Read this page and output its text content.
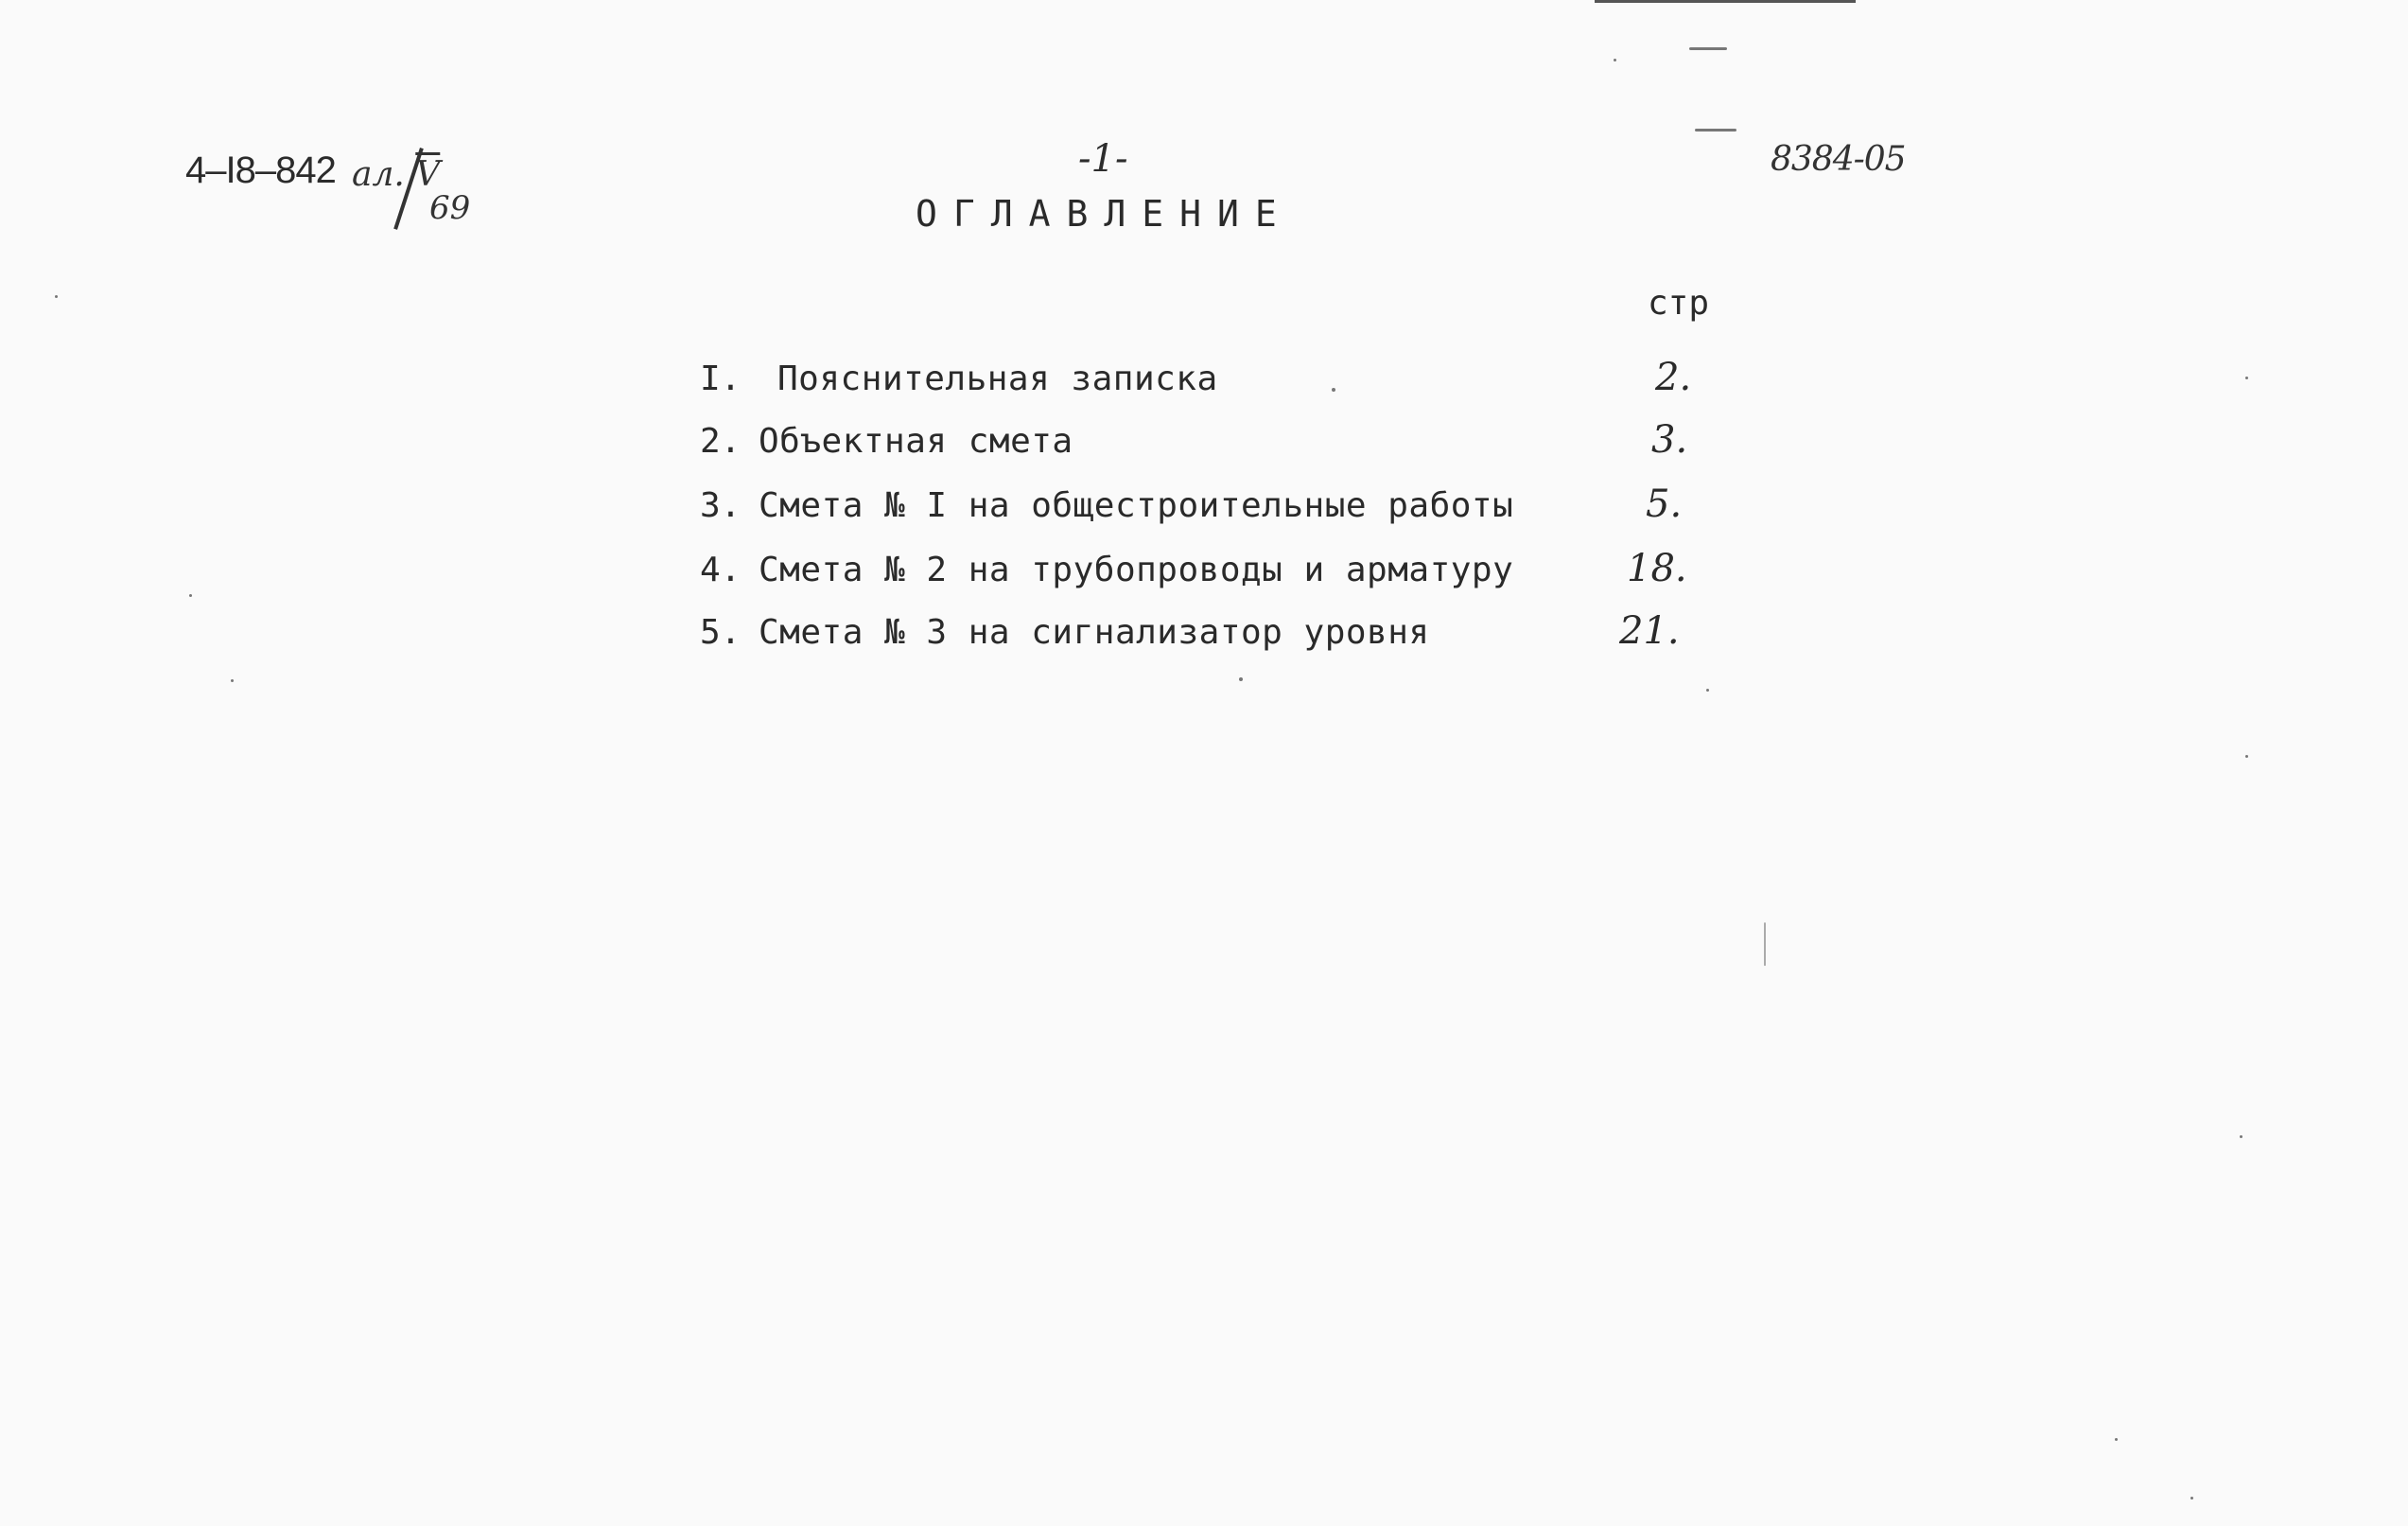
4–I8–842 ал. $\overline{V}$
69
-1-	8384-05
ОГЛАВЛЕНИЕ
стр
I. Пояснительная записка	2.
2. Объектная смета	3.
3. Смета № I на общестроительные работы	5.
4. Смета № 2 на трубопроводы и арматуру	18.
5. Смета № 3 на сигнализатор уровня	21.
